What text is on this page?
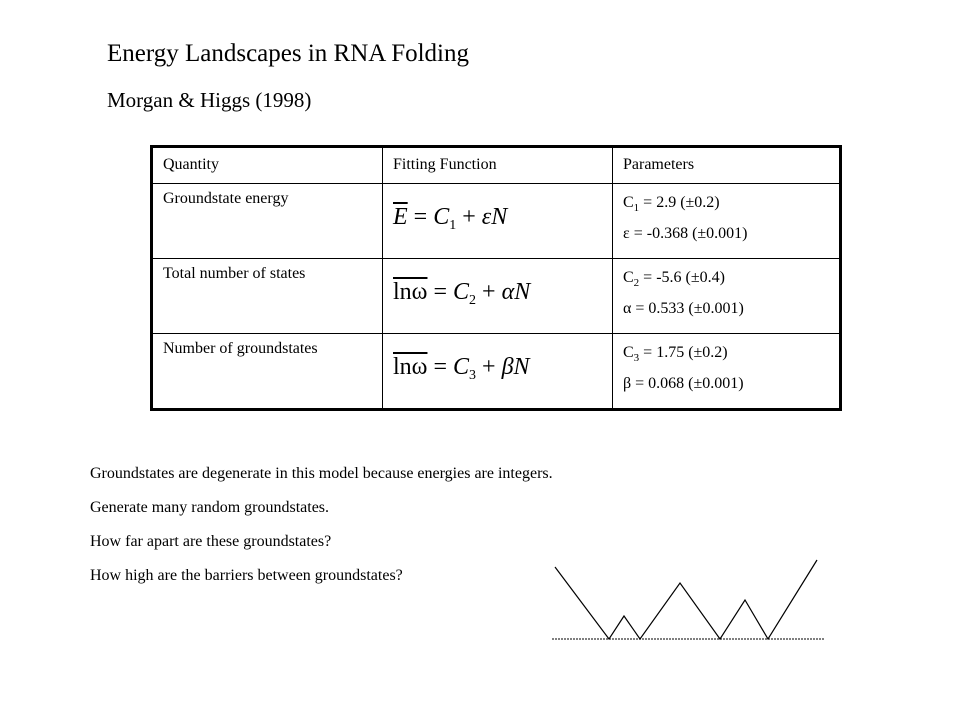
Energy Landscapes in RNA Folding
Morgan & Higgs (1998)
Quantity	Fitting Function	Parameters
Groundstate energy	$\overline{E} = C_1 + \varepsilon N$	$C_1 = 2.9$ (±0.2)
ε = -0.368 (±0.001)

Total number of states	$\overline{ln\omega} = C_2 + \alpha N$	$C_2 = -5.6$ (±0.4)
α = 0.533 (±0.001)

Number of groundstates	$\overline{ln\omega} = C_3 + \beta N$	$C_3 = 1.75$ (±0.2)
β = 0.068 (±0.001)
Groundstates are degenerate in this model because energies are integers.
Generate many random groundstates.
How far apart are these groundstates?
How high are the barriers between groundstates?
